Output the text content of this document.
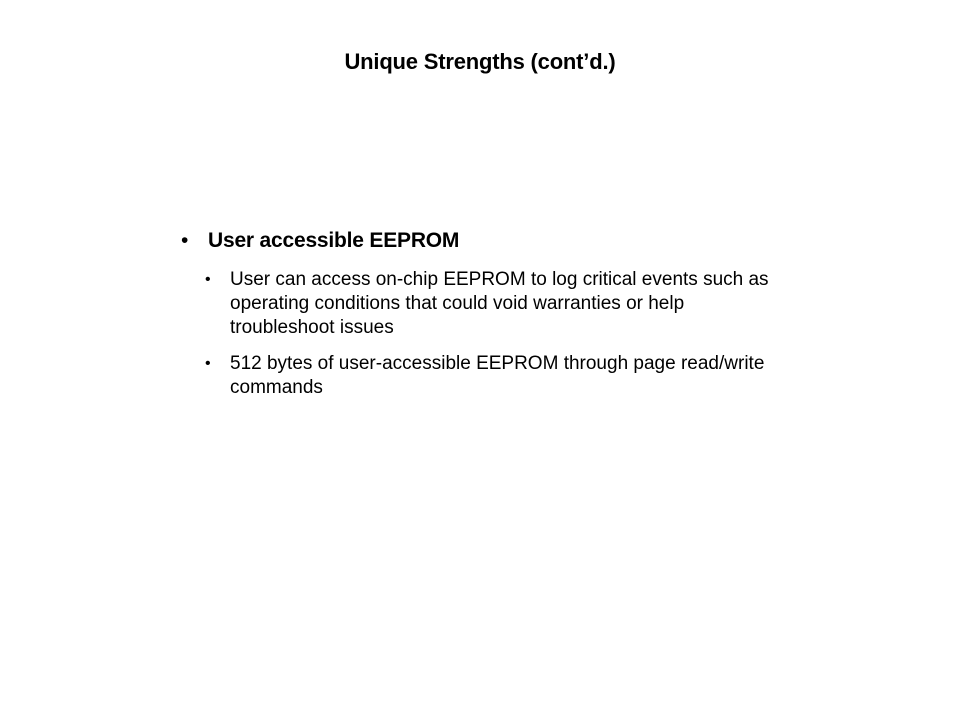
Unique Strengths (cont’d.)
• User accessible EEPROM
• User can access on-chip EEPROM to log critical events such as operating conditions that could void warranties or help troubleshoot issues
• 512 bytes of user-accessible EEPROM through page read/write commands
